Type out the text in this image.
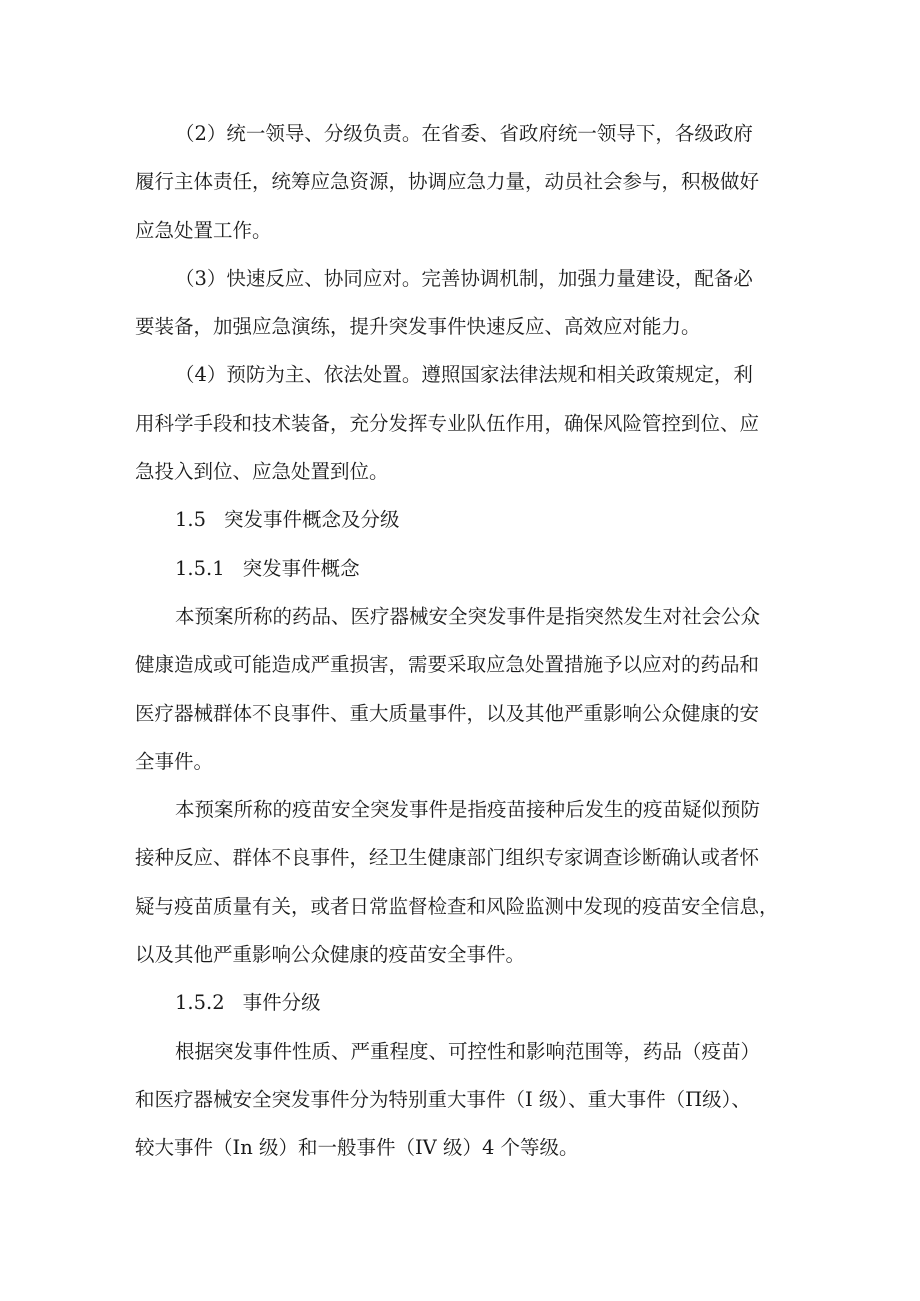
（2）统一领导、分级负责。在省委、省政府统一领导下，各级政府
履行主体责任，统筹应急资源，协调应急力量，动员社会参与，积极做好
应急处置工作。
（3）快速反应、协同应对。完善协调机制，加强力量建设，配备必
要装备，加强应急演练，提升突发事件快速反应、高效应对能力。
（4）预防为主、依法处置。遵照国家法律法规和相关政策规定，利
用科学手段和技术装备，充分发挥专业队伍作用，确保风险管控到位、应
急投入到位、应急处置到位。
1.5 突发事件概念及分级
1.5.1 突发事件概念
本预案所称的药品、医疗器械安全突发事件是指突然发生对社会公众
健康造成或可能造成严重损害，需要采取应急处置措施予以应对的药品和
医疗器械群体不良事件、重大质量事件，以及其他严重影响公众健康的安
全事件。
本预案所称的疫苗安全突发事件是指疫苗接种后发生的疫苗疑似预防
接种反应、群体不良事件，经卫生健康部门组织专家调查诊断确认或者怀
疑与疫苗质量有关，或者日常监督检查和风险监测中发现的疫苗安全信息，
以及其他严重影响公众健康的疫苗安全事件。
1.5.2 事件分级
根据突发事件性质、严重程度、可控性和影响范围等，药品（疫苗）
和医疗器械安全突发事件分为特别重大事件（I 级）、重大事件（Π级）、
较大事件（In 级）和一般事件（IV 级）4 个等级。
